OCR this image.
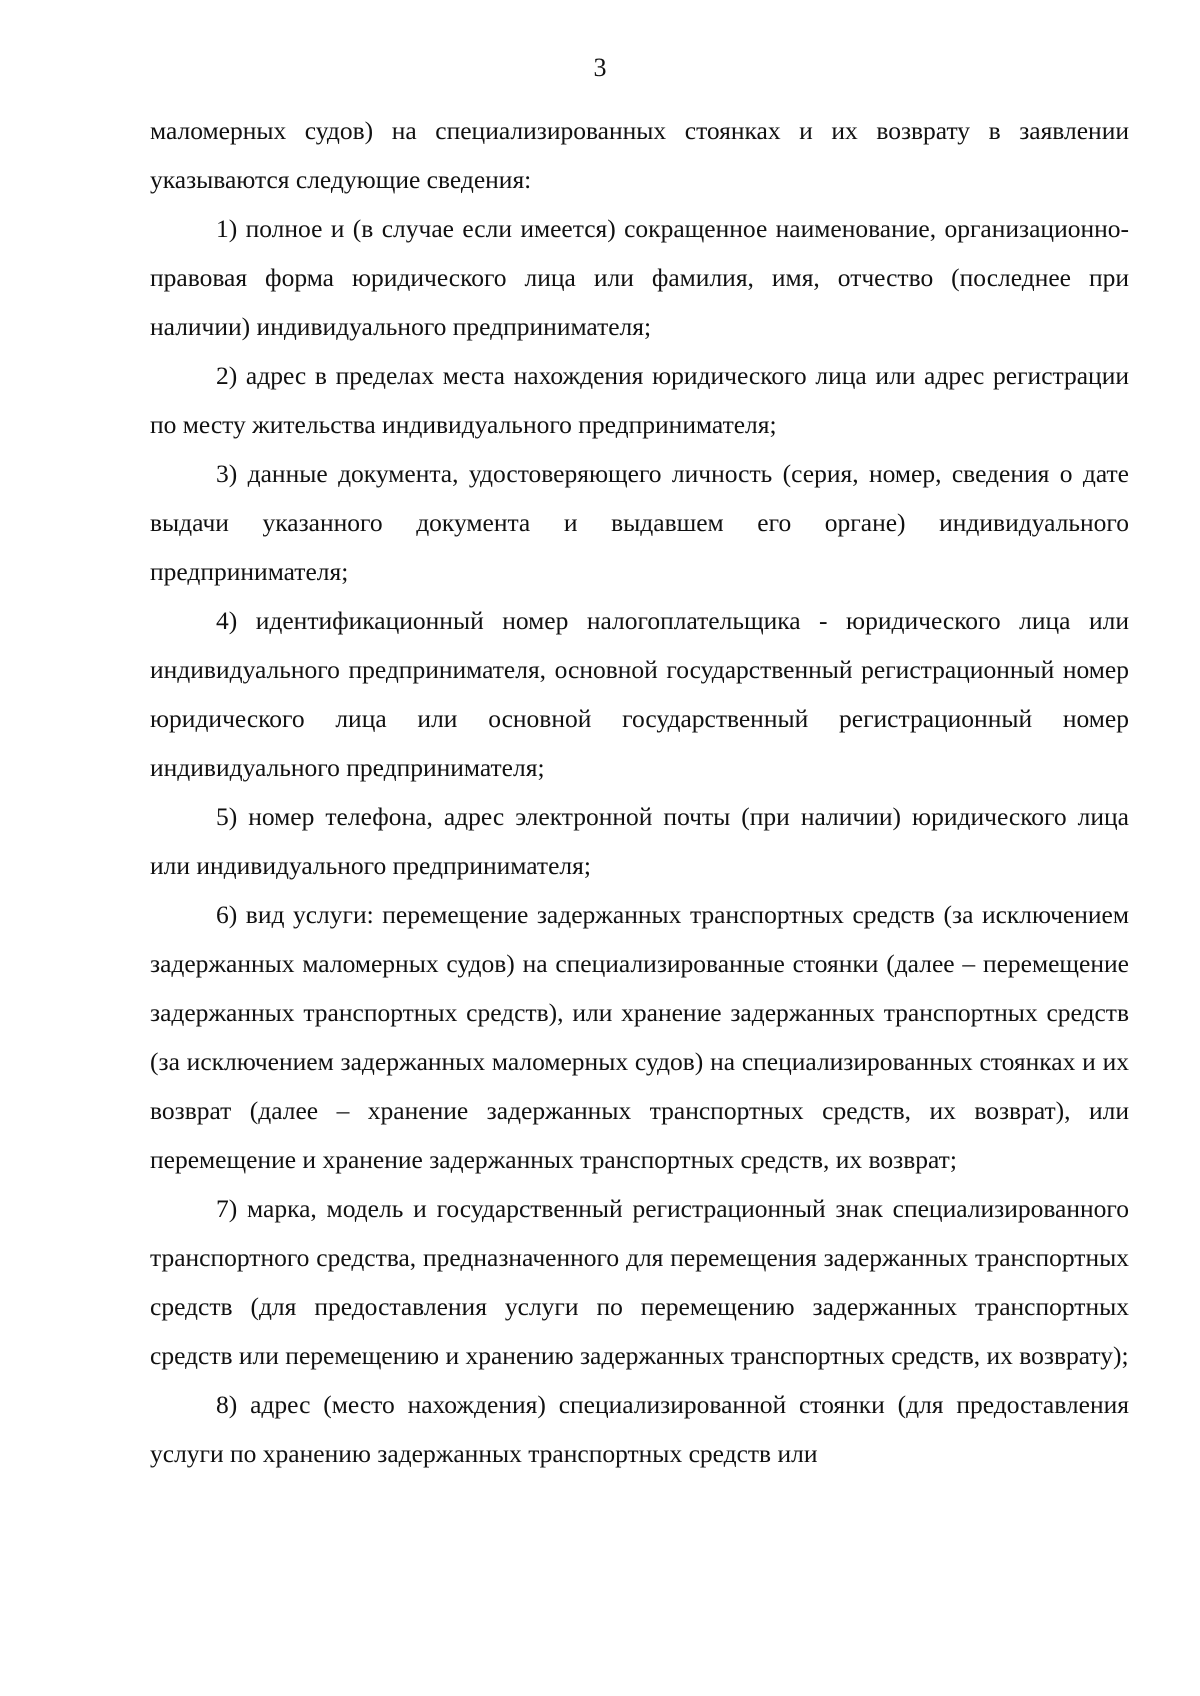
3

маломерных судов) на специализированных стоянках и их возврату в заявлении указываются следующие сведения:

1) полное и (в случае если имеется) сокращенное наименование, организационно-правовая форма юридического лица или фамилия, имя, отчество (последнее при наличии) индивидуального предпринимателя;

2) адрес в пределах места нахождения юридического лица или адрес регистрации по месту жительства индивидуального предпринимателя;

3) данные документа, удостоверяющего личность (серия, номер, сведения о дате выдачи указанного документа и выдавшем его органе) индивидуального предпринимателя;

4) идентификационный номер налогоплательщика - юридического лица или индивидуального предпринимателя, основной государственный регистрационный номер юридического лица или основной государственный регистрационный номер индивидуального предпринимателя;

5) номер телефона, адрес электронной почты (при наличии) юридического лица или индивидуального предпринимателя;

6) вид услуги: перемещение задержанных транспортных средств (за исключением задержанных маломерных судов) на специализированные стоянки (далее – перемещение задержанных транспортных средств), или хранение задержанных транспортных средств (за исключением задержанных маломерных судов) на специализированных стоянках и их возврат (далее – хранение задержанных транспортных средств, их возврат), или перемещение и хранение задержанных транспортных средств, их возврат;

7) марка, модель и государственный регистрационный знак специализированного транспортного средства, предназначенного для перемещения задержанных транспортных средств (для предоставления услуги по перемещению задержанных транспортных средств или перемещению и хранению задержанных транспортных средств, их возврату);

8) адрес (место нахождения) специализированной стоянки (для предоставления услуги по хранению задержанных транспортных средств или
